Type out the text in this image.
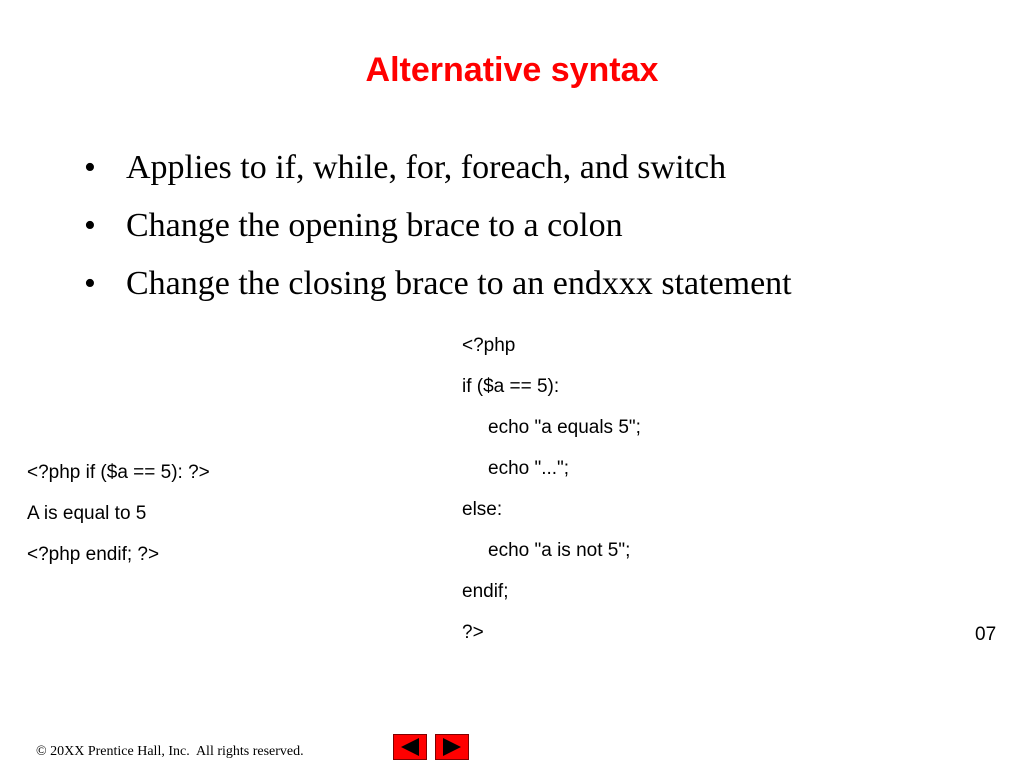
Alternative syntax
• Applies to if, while, for, foreach, and switch
• Change the opening brace to a colon
• Change the closing brace to an endxxx statement
<?php if ($a == 5): ?>
A is equal to 5
<?php endif; ?>
<?php
if ($a == 5):
echo "a equals 5";
echo "...";
else:
echo "a is not 5";
endif;
?>	07
© 20XX Prentice Hall, Inc.  All rights reserved.
